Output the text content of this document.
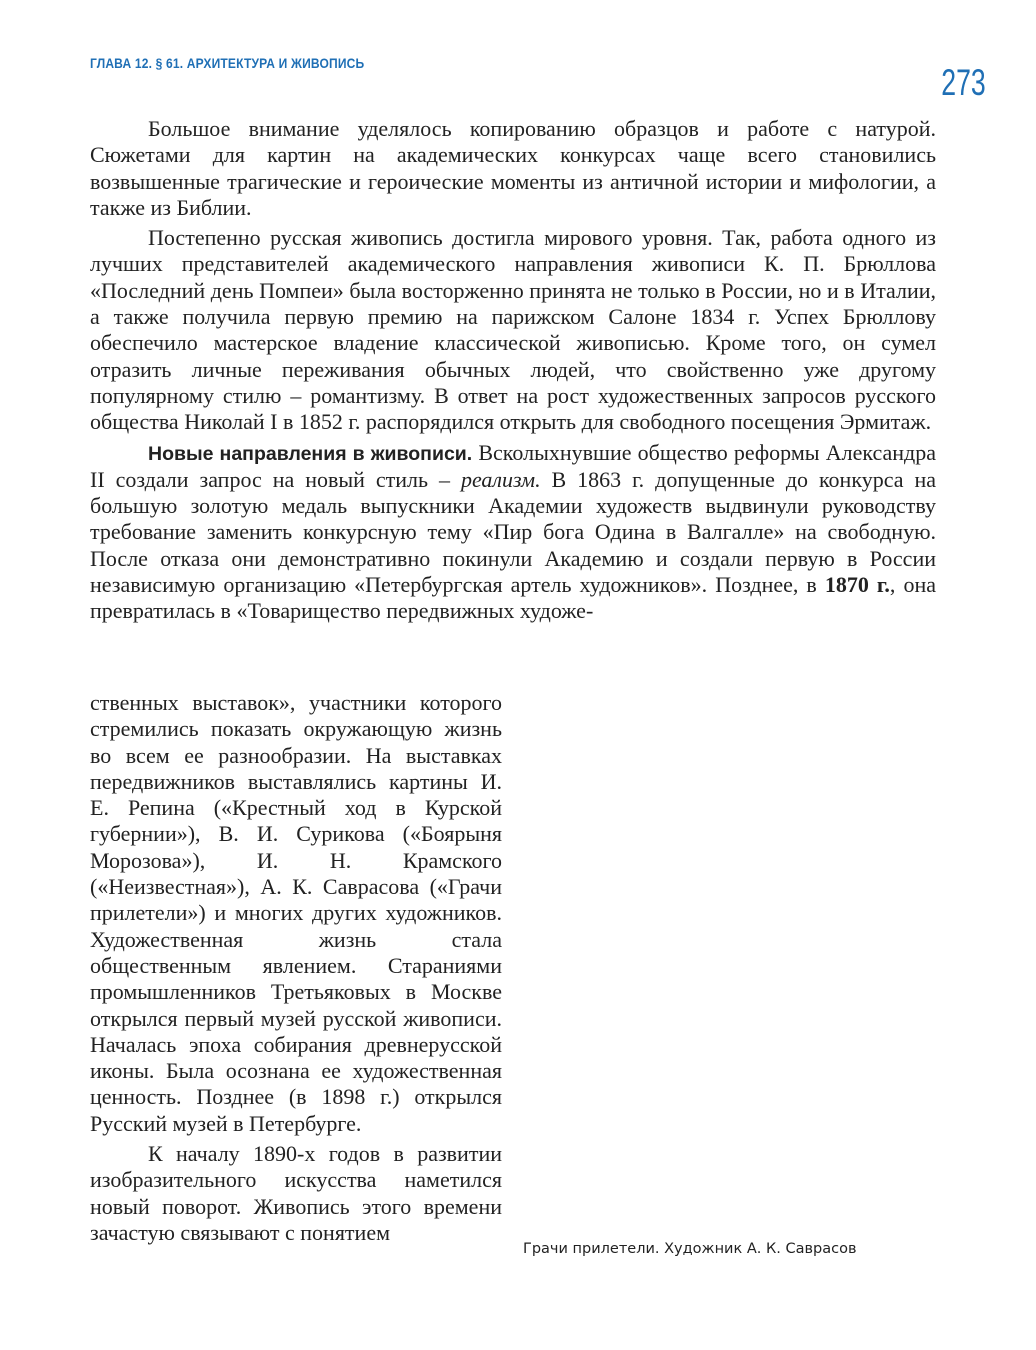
ГЛАВА 12. § 61. АРХИТЕКТУРА И ЖИВОПИСЬ	273

Большое внимание уделялось копированию образцов и работе с натурой. Сюжетами для картин на академических конкурсах чаще всего становились возвышенные трагические и героические моменты из античной истории и мифологии, а также из Библии.

Постепенно русская живопись достигла мирового уровня. Так, работа одного из лучших представителей академического направления живописи К. П. Брюллова «Последний день Помпеи» была восторженно принята не только в России, но и в Италии, а также получила первую премию на парижском Салоне 1834 г. Успех Брюллову обеспечило мастерское владение классической живописью. Кроме того, он сумел отразить личные переживания обычных людей, что свойственно уже другому популярному стилю – романтизму. В ответ на рост художественных запросов русского общества Николай I в 1852 г. распорядился открыть для свободного посещения Эрмитаж.

Новые направления в живописи. Всколыхнувшие общество реформы Александра II создали запрос на новый стиль – реализм. В 1863 г. допущенные до конкурса на большую золотую медаль выпускники Академии художеств выдвинули руководству требование заменить конкурсную тему «Пир бога Одина в Валгалле» на свободную. После отказа они демонстративно покинули Академию и создали первую в России независимую организацию «Петербургская артель художников». Позднее, в 1870 г., она превратилась в «Товарищество передвижных художе-

ственных выставок», участники которого стремились показать окружающую жизнь во всем ее разнообразии. На выставках передвижников выставлялись картины И. Е. Репина («Крестный ход в Курской губернии»), В. И. Сурикова («Боярыня Морозова»), И. Н. Крамского («Неизвестная»), А. К. Саврасова («Грачи прилетели») и многих других художников. Художественная жизнь стала общественным явлением. Стараниями промышленников Третьяковых в Москве открылся первый музей русской живописи. Началась эпоха собирания древнерусской иконы. Была осознана ее художественная ценность. Позднее (в 1898 г.) открылся Русский музей в Петербурге.

К началу 1890-х годов в развитии изобразительного искусства наметился новый поворот. Живопись этого времени зачастую связывают с понятием

Грачи прилетели. Художник А. К. Саврасов
